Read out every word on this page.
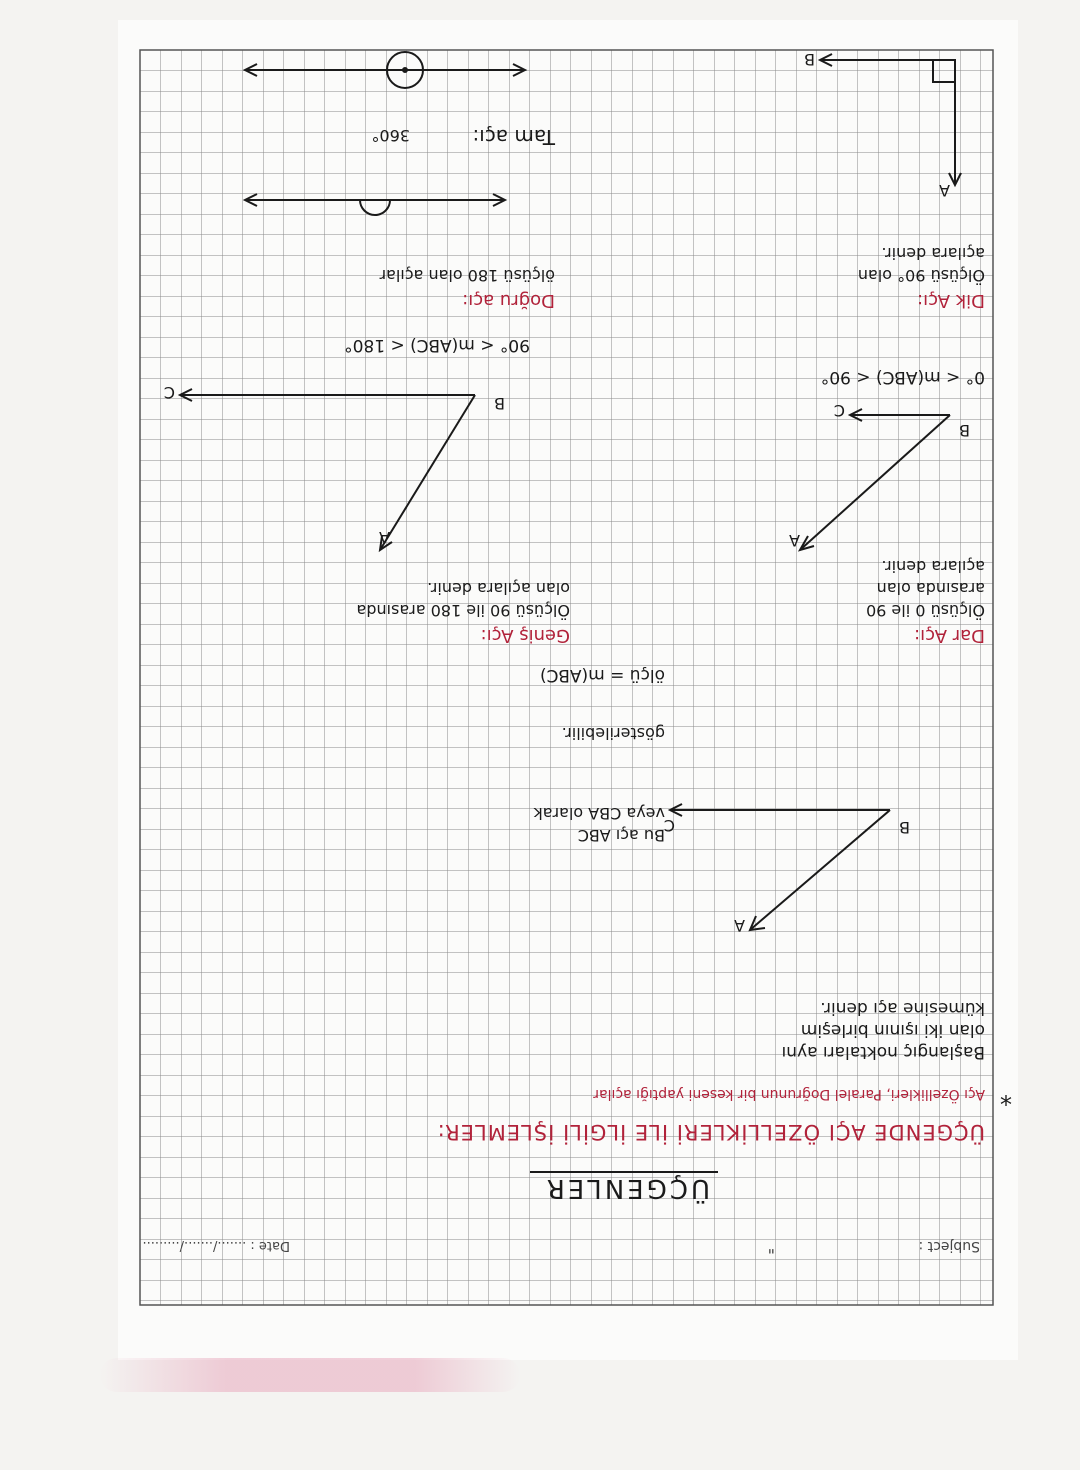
Subject :
"
Date : ......./......./.........
ÜÇGENLER
ÜÇGENDE AÇI ÖZELLİKLERİ İLE İLGİLİ İŞLEMLER:
*
Açı Özellikleri, Paralel Doğrunun bir keseni yaptığı açılar
Başlangıç noktaları aynı
olan iki ışının birleşim
kümesine açı denir.
B
A
C
Bu açı ABC
veya CBA olarak
gösterilebilir.
ölçü = m(ABC)
Dar Açı:
Ölçüsü 0 ile 90
arasında olan
açılara denir.
Geniş Açı:
Ölçüsü 90 ile 180 arasında
olan açılara denir.
B
A
C
0° < m(ABC) < 90°
B
A
C
90° < m(ABC) < 180°
Dik Açı:
Ölçüsü 90° olan
açılara denir.
Doğru açı:
ölçüsü 180 olan açılar
A
B
Tam açı:
360°
